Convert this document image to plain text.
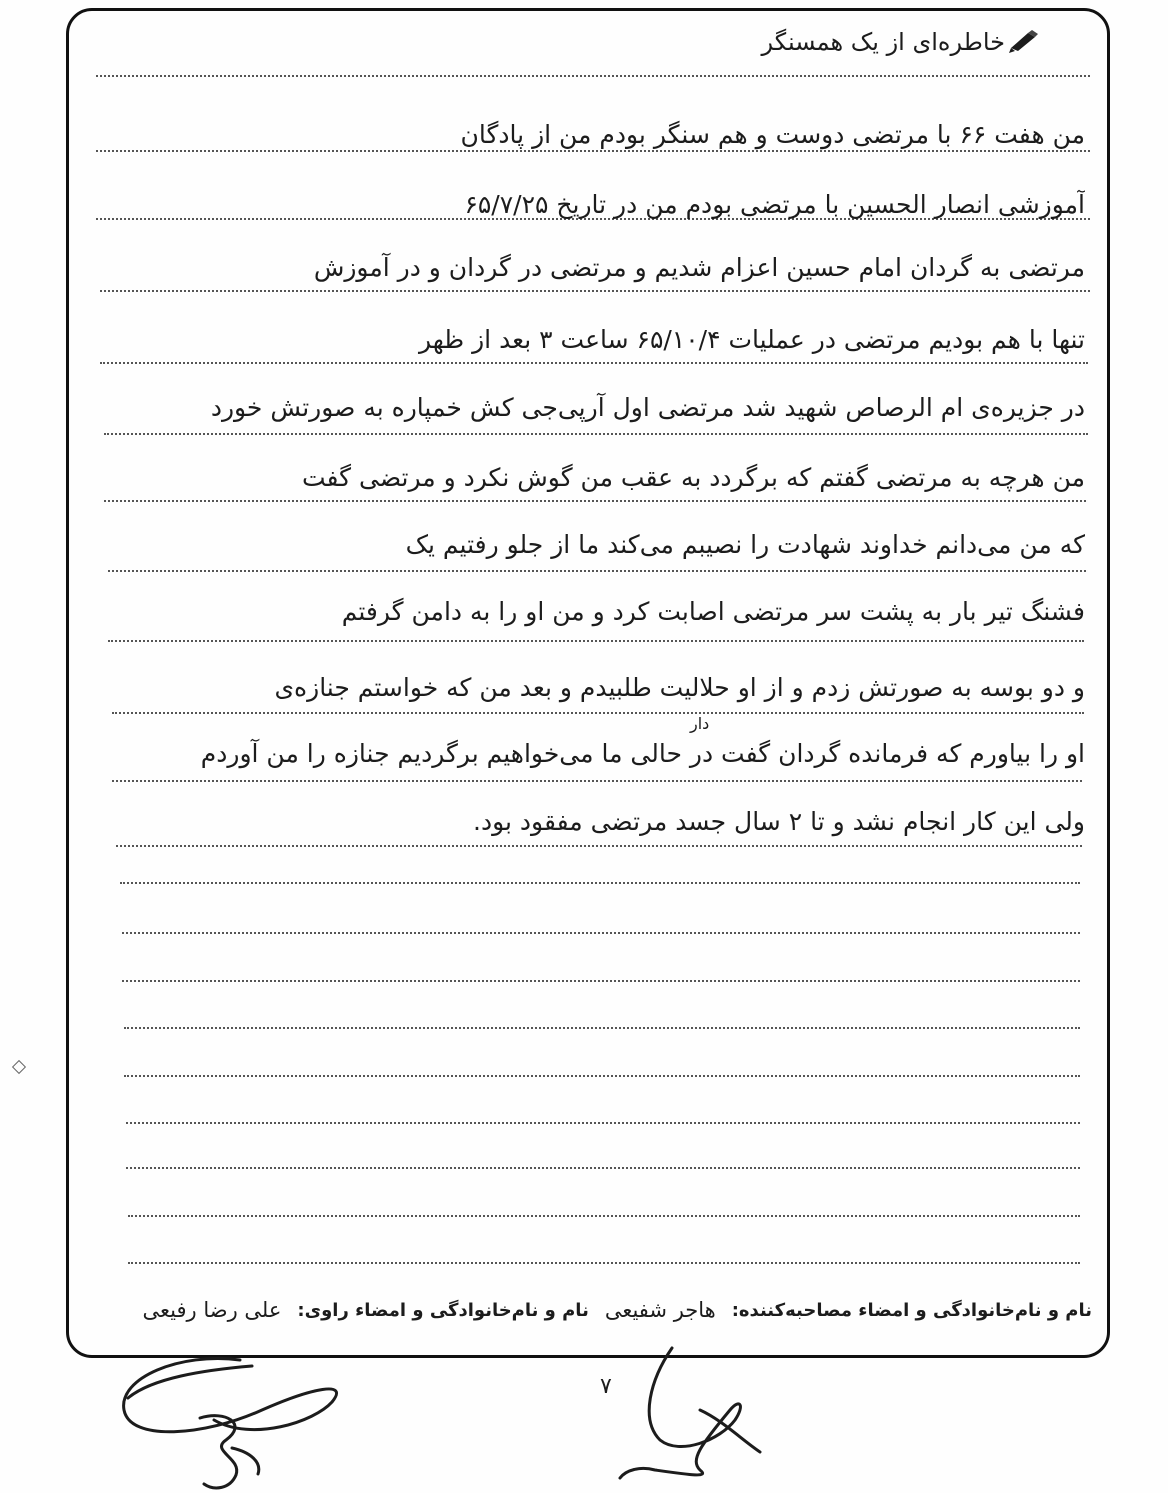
خاطره‌ای از یک همسنگر
من هفت ۶۶ با مرتضی دوست و هم سنگر بودم من از پادگان
آموزشی انصار الحسین با مرتضی بودم من در تاریخ ۶۵/۷/۲۵
مرتضی به گردان امام حسین اعزام شدیم و مرتضی در گردان و در آموزش
تنها با هم بودیم مرتضی در عملیات ۶۵/۱۰/۴ ساعت ۳ بعد از ظهر
در جزیره‌ی ام الرصاص شهید شد مرتضی اول آرپی‌جی کش خمپاره به صورتش خورد
من هرچه به مرتضی گفتم که برگردد به عقب من گوش نکرد و مرتضی گفت
که من می‌دانم خداوند شهادت را نصیبم می‌کند ما از جلو رفتیم یک
فشنگ تیر بار به پشت سر مرتضی اصابت کرد و من او را به دامن گرفتم
و دو بوسه به صورتش زدم و از او حلالیت طلبیدم و بعد من که خواستم جنازه‌ی
او را بیاورم که فرمانده گردان گفت در حالی ما می‌خواهیم برگردیم جنازه را من آوردم
ولی این کار انجام نشد و تا ۲ سال جسد مرتضی مفقود بود.
دار
نام و نام‌خانوادگی و امضاء مصاحبه‌کننده:
هاجر شفیعی
نام و نام‌خانوادگی و امضاء راوی:
علی رضا رفیعی
۷
